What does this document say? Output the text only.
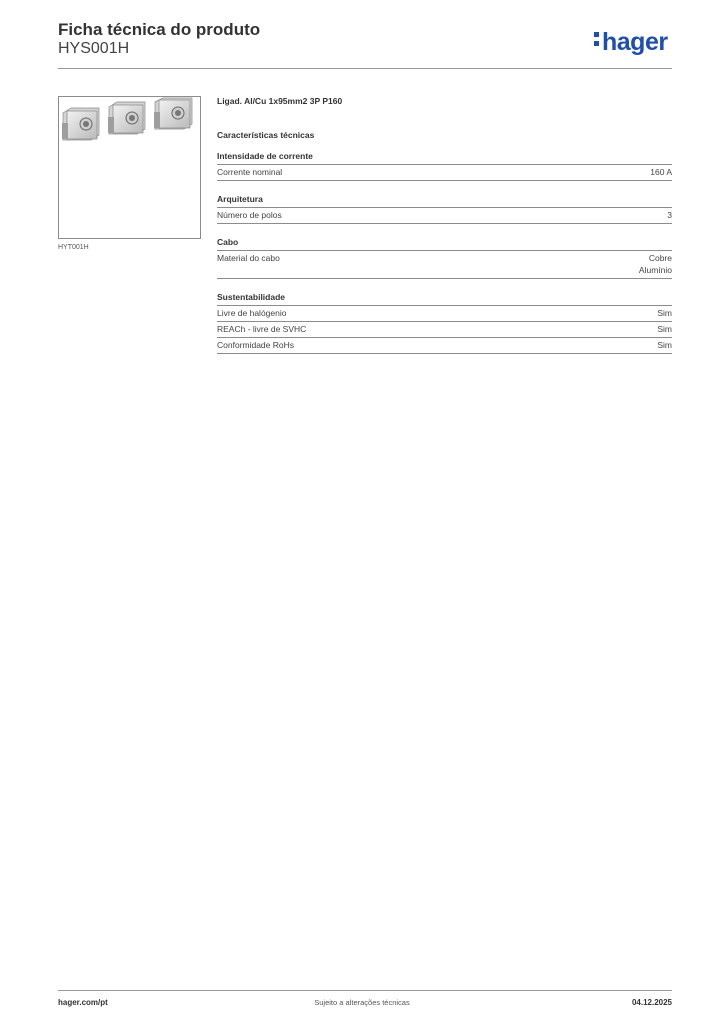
Ficha técnica do produto
HYS001H	hager
HYT001H
Ligad. Al/Cu 1x95mm2 3P P160
Características técnicas
Intensidade de corrente
Corrente nominal	160 A
Arquitetura
Número de polos	3
Cabo
Material do cabo	Cobre
Alumínio
Sustentabilidade
Livre de halógenio	Sim
REACh - livre de SVHC	Sim
Conformidade RoHs	Sim
hager.com/pt	Sujeito a alterações técnicas	04.12.2025
